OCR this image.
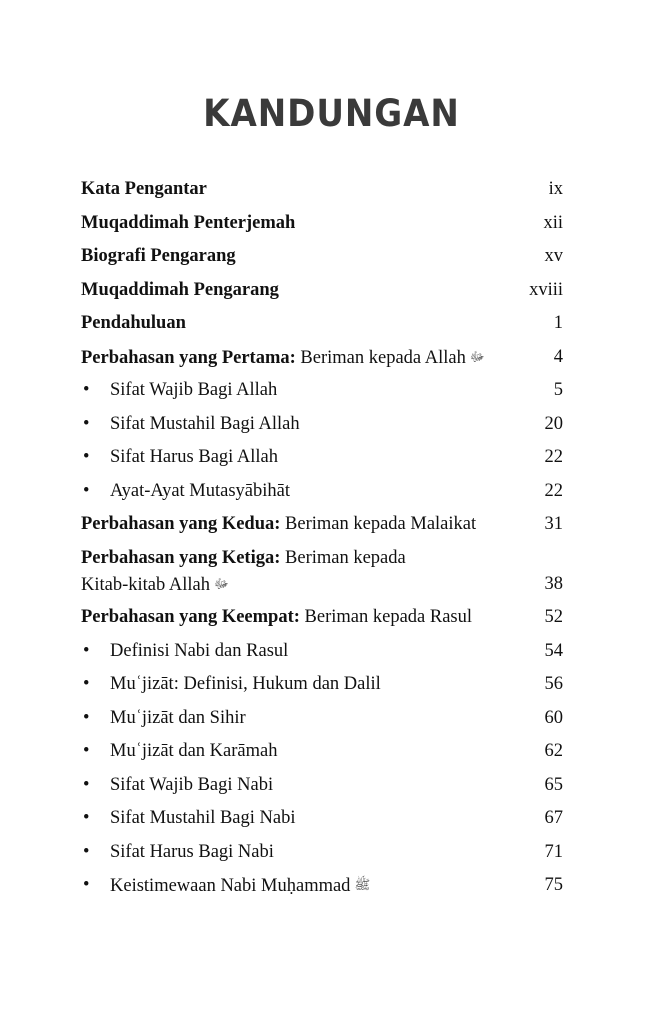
KANDUNGAN
Kata Pengantar	ix
Muqaddimah Penterjemah	xii
Biografi Pengarang	xv
Muqaddimah Pengarang	xviii
Pendahuluan	1
Perbahasan yang Pertama: Beriman kepada Allah ﷻ	4
• Sifat Wajib Bagi Allah	5
• Sifat Mustahil Bagi Allah	20
• Sifat Harus Bagi Allah	22
• Ayat-Ayat Mutasyābihāt	22
Perbahasan yang Kedua: Beriman kepada Malaikat	31
Perbahasan yang Ketiga: Beriman kepada
Kitab-kitab Allah ﷻ	38
Perbahasan yang Keempat: Beriman kepada Rasul	52
• Definisi Nabi dan Rasul	54
• Muʿjizāt: Definisi, Hukum dan Dalil	56
• Muʿjizāt dan Sihir	60
• Muʿjizāt dan Karāmah	62
• Sifat Wajib Bagi Nabi	65
• Sifat Mustahil Bagi Nabi	67
• Sifat Harus Bagi Nabi	71
• Keistimewaan Nabi Muḥammad ﷺ	75
